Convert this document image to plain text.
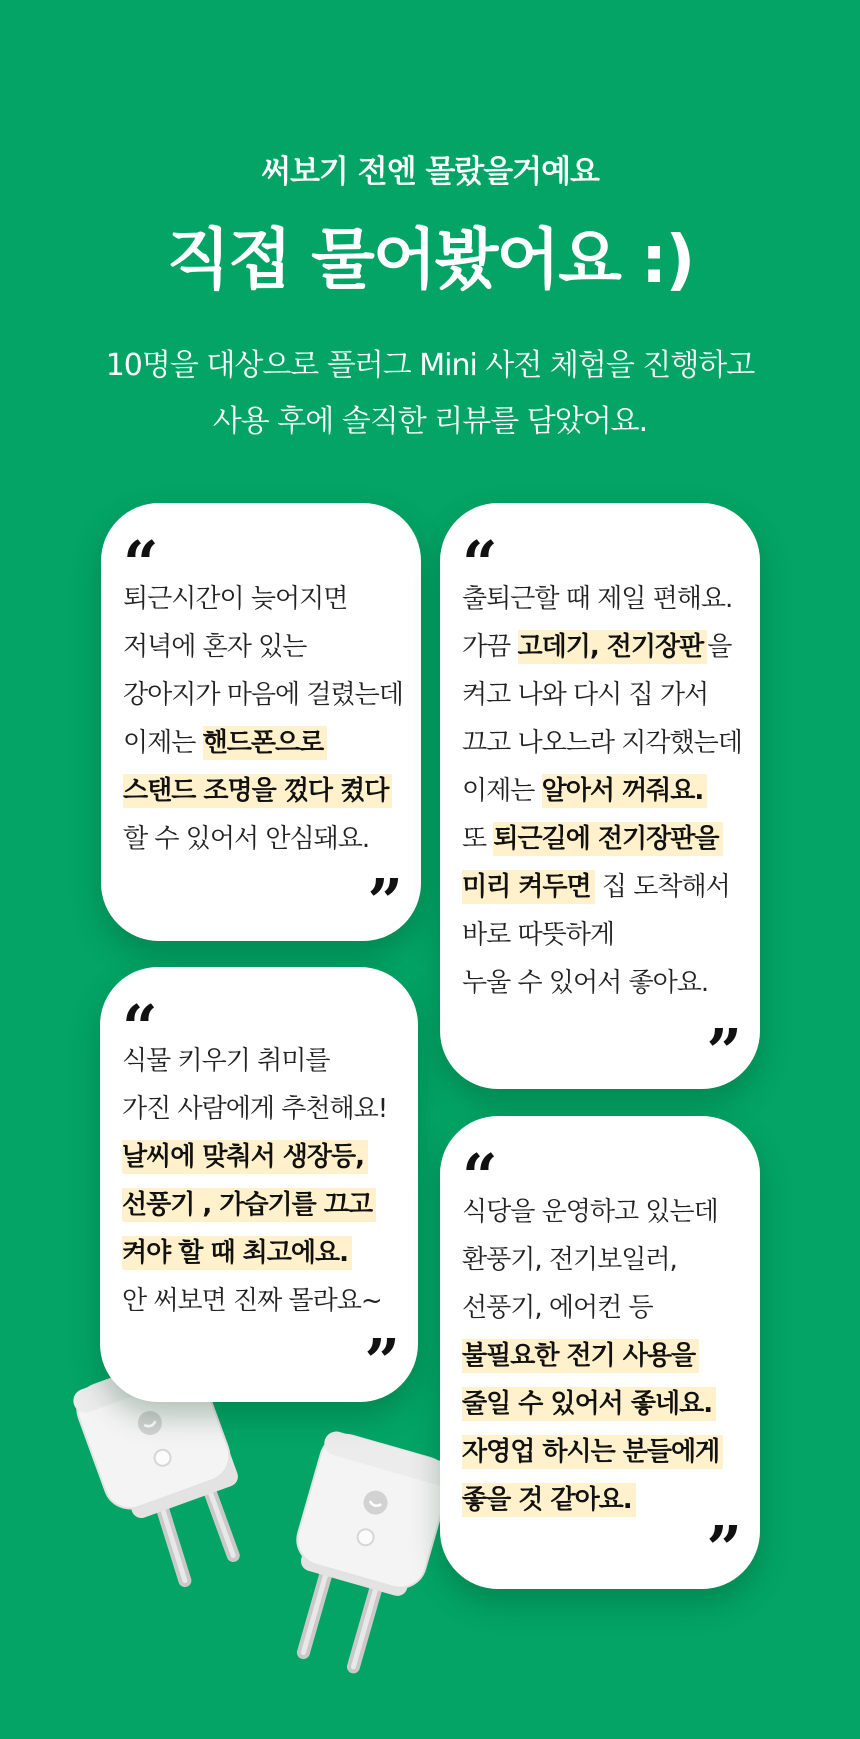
써보기 전엔 몰랐을거예요
직접 물어봤어요 :)
10명을 대상으로 플러그 Mini 사전 체험을 진행하고
사용 후에 솔직한 리뷰를 담았어요.
“
퇴근시간이 늦어지면
저녁에 혼자 있는
강아지가 마음에 걸렸는데
이제는 핸드폰으로
스탠드 조명을 껐다 켰다
할 수 있어서 안심돼요.
”
“
출퇴근할 때 제일 편해요.
가끔 고데기, 전기장판 을
켜고 나와 다시 집 가서
끄고 나오느라 지각했는데
이제는 알아서 꺼줘요.
또 퇴근길에 전기장판을
미리 켜두면 집 도착해서
바로 따뜻하게
누울 수 있어서 좋아요.
”
“
식물 키우기 취미를
가진 사람에게 추천해요!
날씨에 맞춰서 생장등,
선풍기 , 가습기를 끄고
켜야 할 때 최고에요.
안 써보면 진짜 몰라요~
”
“
식당을 운영하고 있는데
환풍기, 전기보일러,
선풍기, 에어컨 등
불필요한 전기 사용을
줄일 수 있어서 좋네요.
자영업 하시는 분들에게
좋을 것 같아요.
”
